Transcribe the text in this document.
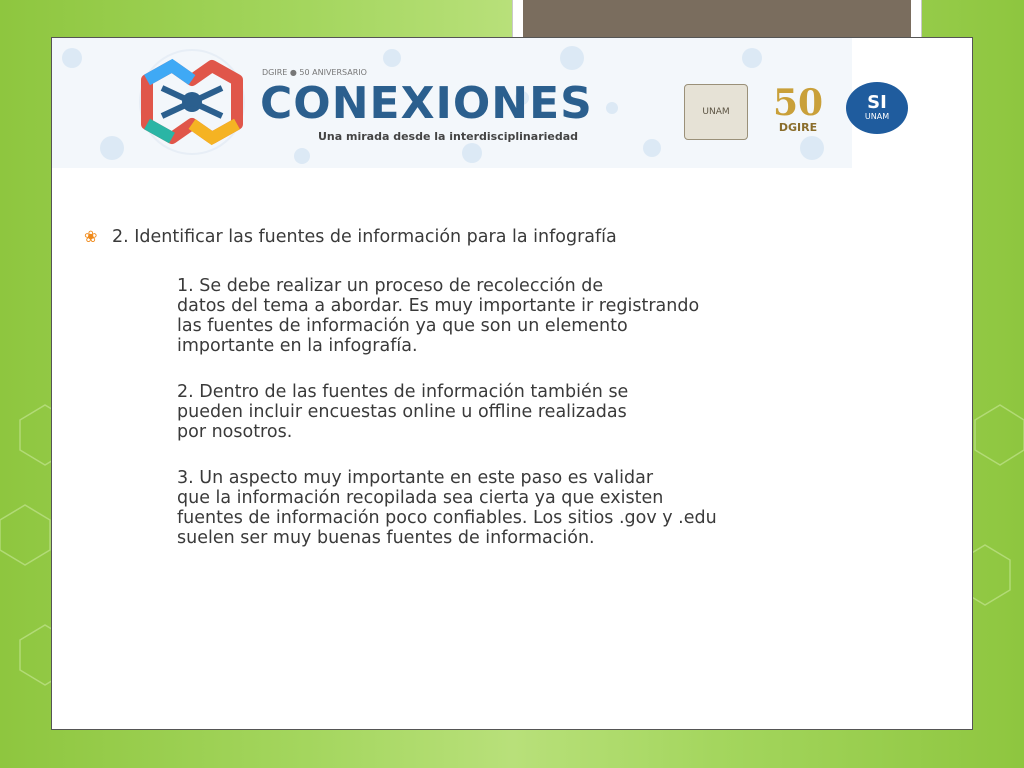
DGIRE ● 50 ANIVERSARIO
CONEXIONES
Una mirada desde la interdisciplinariedad
UNAM 50
DGIRE
SI
UNAM
❀ 2. Identificar las fuentes de información para la infografía
1. Se debe realizar un proceso de recolección de
datos del tema a abordar. Es muy importante ir registrando
las fuentes de información ya que son un elemento
importante en la infografía.
2. Dentro de las fuentes de información también se
pueden incluir encuestas online u offline realizadas
por nosotros.
3. Un aspecto muy importante en este paso es validar
que la información recopilada sea cierta ya que existen
fuentes de información poco confiables. Los sitios .gov y .edu
suelen ser muy buenas fuentes de información.
